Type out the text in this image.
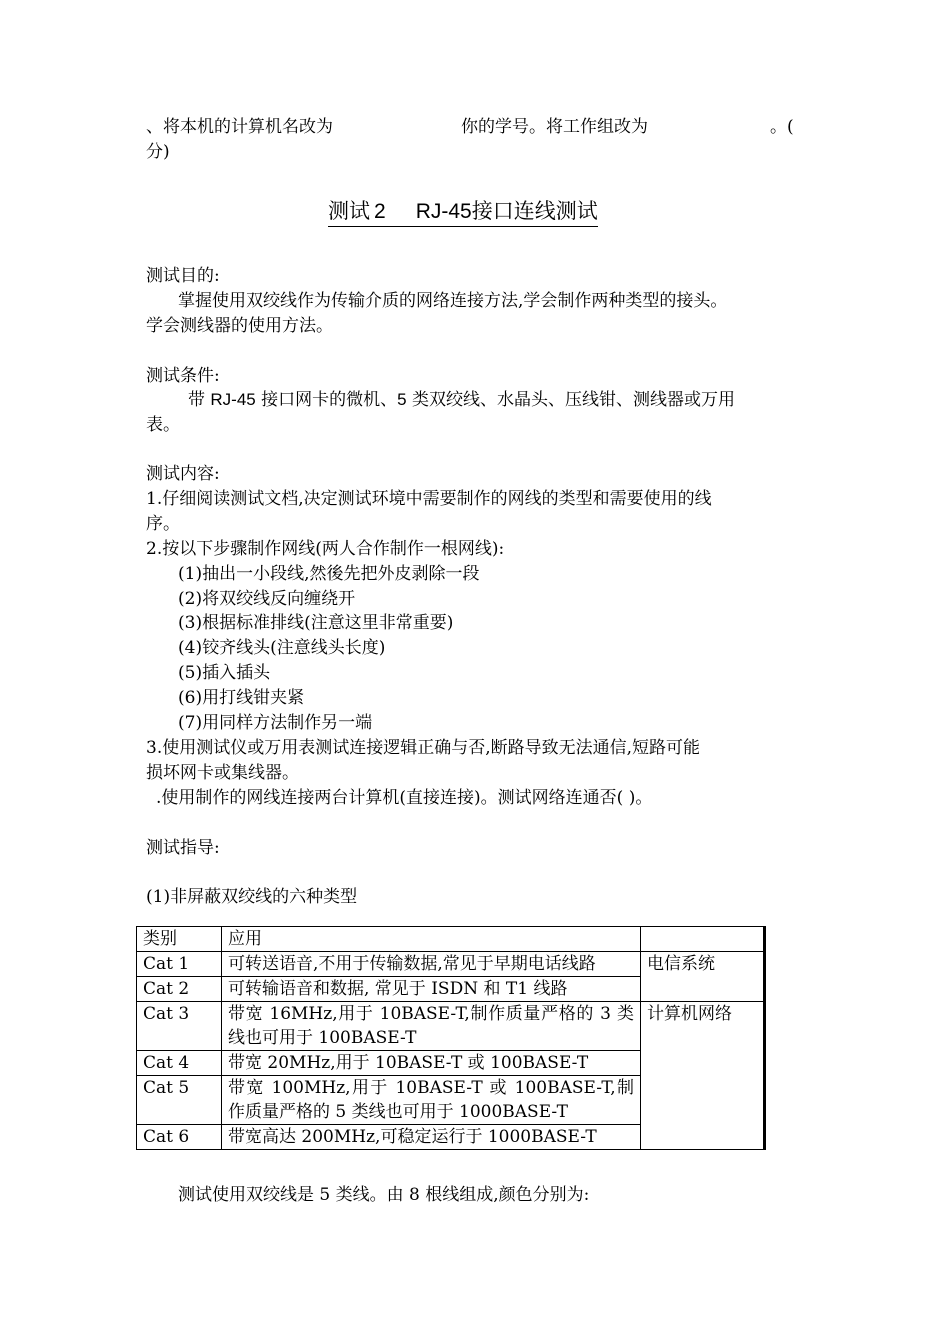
、将本机的计算机名改为	你的学号。将工作组改为	。(
分)
测试 2 RJ-45接口连线测试
测试目的:
掌握使用双绞线作为传输介质的网络连接方法,学会制作两种类型的接头。
学会测线器的使用方法。
测试条件:
带 RJ-45 接口网卡的微机、5 类双绞线、水晶头、压线钳、测线器或万用
表。
测试内容:
1.仔细阅读测试文档,决定测试环境中需要制作的网线的类型和需要使用的线
序。
2.按以下步骤制作网线(两人合作制作一根网线):
(1)抽出一小段线,然後先把外皮剥除一段
(2)将双绞线反向缠绕开
(3)根据标准排线(注意这里非常重要)
(4)铰齐线头(注意线头长度)
(5)插入插头
(6)用打线钳夹紧
(7)用同样方法制作另一端
3.使用测试仪或万用表测试连接逻辑正确与否,断路导致无法通信,短路可能
损坏网卡或集线器。
.使用制作的网线连接两台计算机(直接连接)。测试网络连通否( )。
测试指导:
(1)非屏蔽双绞线的六种类型
类别	应用	
Cat 1	可转送语音,不用于传输数据,常见于早期电话线路	电信系统
Cat 2	可转输语音和数据, 常见于 ISDN 和 T1 线路	
Cat 3	带宽 16MHz,用于 10BASE-T,制作质量严格的 3 类线也可用于 100BASE-T	计算机网络
Cat 4	带宽 20MHz,用于 10BASE-T 或 100BASE-T	
Cat 5	带宽 100MHz,用于 10BASE-T 或 100BASE-T,制作质量严格的 5 类线也可用于 1000BASE-T	
Cat 6	带宽高达 200MHz,可稳定运行于 1000BASE-T	
测试使用双绞线是 5 类线。由 8 根线组成,颜色分别为:
